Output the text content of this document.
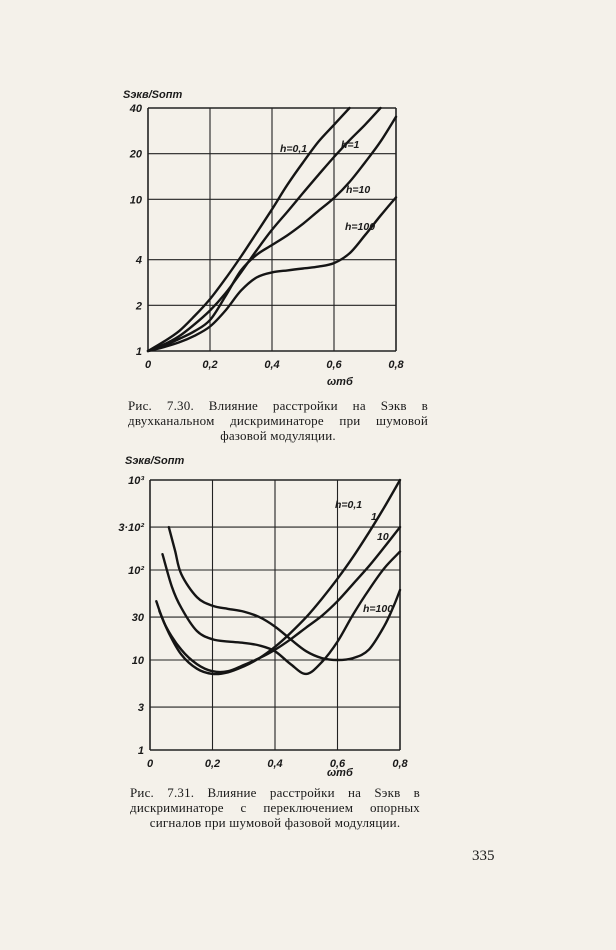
0	0,2	0,4	0,6	0,8
1
2
4
10
20
40
Sэкв/Sопт
ωтб
h=0,1	h=1
h=10
h=100
0	0,2	0,4	0,6	0,8
1
3
10
30
10²
3·10²
10³
Sэкв/Sопт
ωтб
h=0,1
1
10
h=100
Рис. 7.30. Влияние расстройки на Sэкв в двухканальном дискриминаторе при шумовой фазовой модуляции.
Рис. 7.31. Влияние расстройки на Sэкв в дискриминаторе с переключением опорных сигналов при шумовой фазовой модуляции.
335
